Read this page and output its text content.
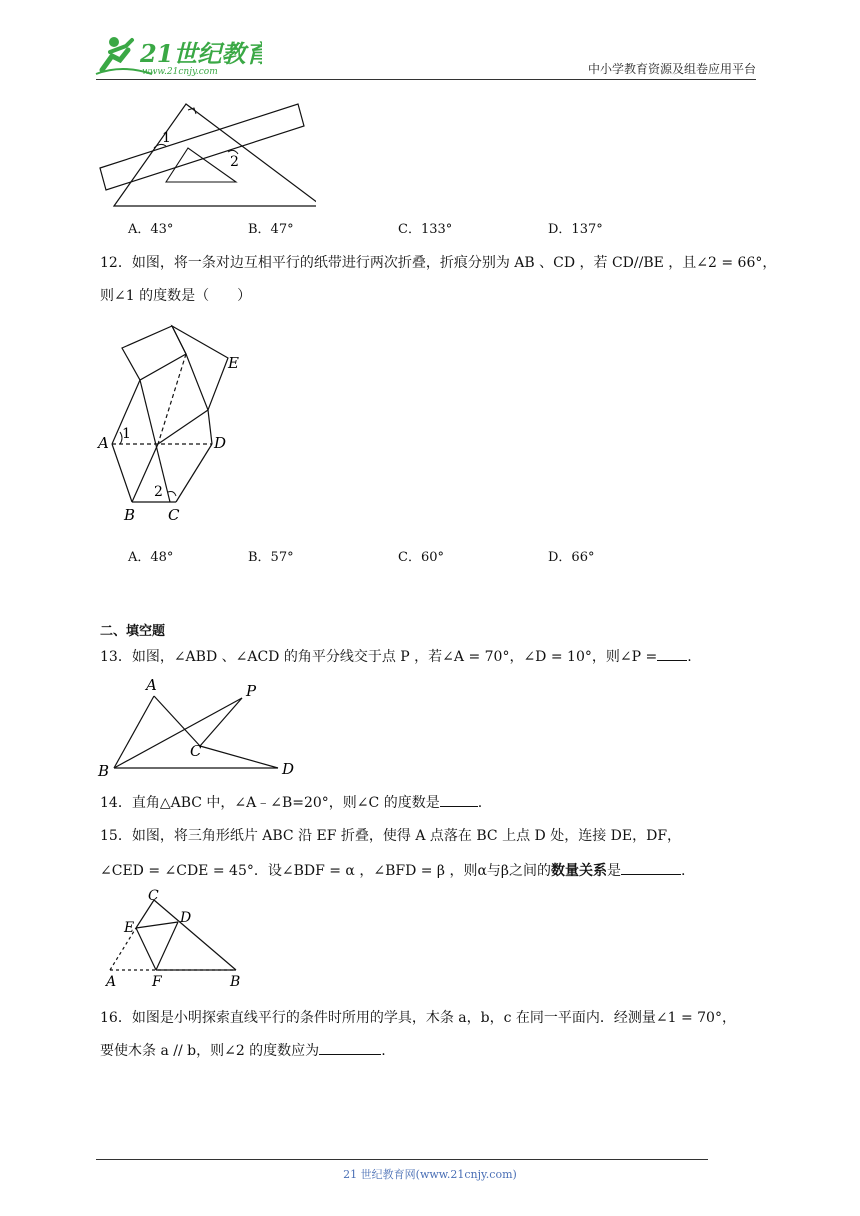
21世纪教育
www.21cnjy.com	中小学教育资源及组卷应用平台
1
2
A．43°	B．47°	C．133°	D．137°
12．如图，将一条对边互相平行的纸带进行两次折叠，折痕分别为 AB 、CD ，若 CD//BE ，且∠2 = 66°，
则∠1 的度数是（　　）
E
A 1	D
2
B C
A．48°	B．57°	C．60°	D．66°
二、填空题
13．如图，∠ABD 、∠ACD 的角平分线交于点 P ，若∠A = 70°，∠D = 10°，则∠P = .
A	P
C
B	D
14．直角△ABC 中，∠A﹣∠B=20°，则∠C 的度数是	.
15．如图，将三角形纸片 ABC 沿 EF 折叠，使得 A 点落在 BC 上点 D 处，连接 DE，DF，
∠CED = ∠CDE = 45°．设∠BDF = α ，∠BFD = β ，则α与β之间的数量关系是	.
C
D
E
A	F	B
16．如图是小明探索直线平行的条件时所用的学具，木条 a，b，c 在同一平面内．经测量∠1 = 70°，
要使木条 a // b，则∠2 的度数应为	.
21 世纪教育网(www.21cnjy.com)
